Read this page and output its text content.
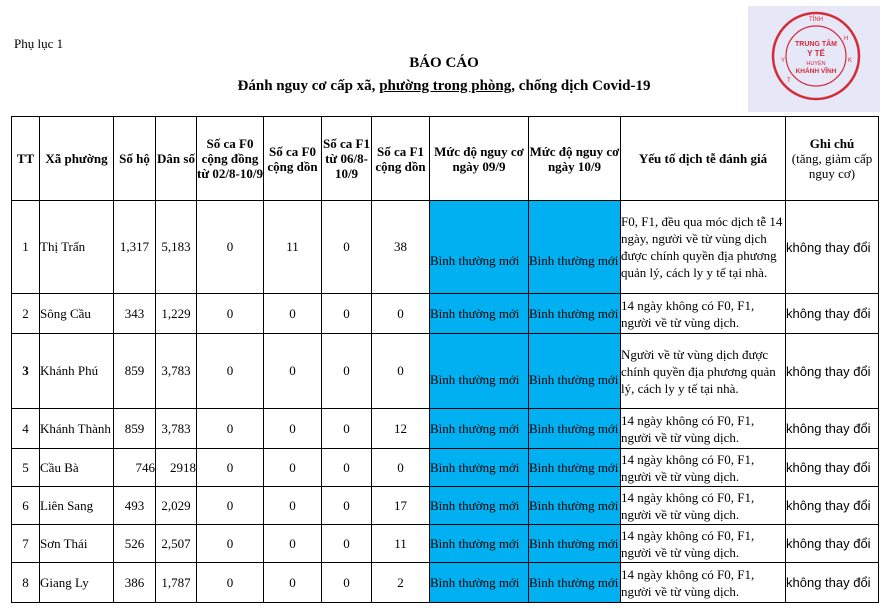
Phụ lục 1
BÁO CÁO
Đánh nguy cơ cấp xã, phường trong phòng, chống dịch Covid-19
TỈNH
TRUNG TÂM
Y TẾ
HUYỆN
KHÁNH VĨNH
Y
T
H
K
TT	Xã phường	Số hộ	Dân số	Số ca F0 cộng đồng từ 02/8-10/9	Số ca F0 cộng dồn	Số ca F1 từ 06/8-10/9	Số ca F1 cộng dồn	Mức độ nguy cơ ngày 09/9	Mức độ nguy cơ ngày 10/9	Yếu tố dịch tễ đánh giá	Ghi chú
(tăng, giảm cấp nguy cơ)

1	Thị Trấn	1,317	5,183	0	11	0	38	Bình thường mới	Bình thường mới	F0, F1, đều qua móc dịch tễ 14 ngày, người về từ vùng dịch được chính quyền địa phương quản lý, cách ly y tế tại nhà.	không thay đổi
2	Sông Cầu	343	1,229	0	0	0	0	Bình thường mới	Bình thường mới	14 ngày không có F0, F1, người về từ vùng dịch.	không thay đổi
3	Khánh Phú	859	3,783	0	0	0	0	Bình thường mới	Bình thường mới	Người về từ vùng dịch được chính quyền địa phương quản lý, cách ly y tế tại nhà.	không thay đổi
4	Khánh Thành	859	3,783	0	0	0	12	Bình thường mới	Bình thường mới	14 ngày không có F0, F1, người về từ vùng dịch.	không thay đổi
5	Cầu Bà	746	2918	0	0	0	0	Bình thường mới	Bình thường mới	14 ngày không có F0, F1, người về từ vùng dịch.	không thay đổi
6	Liên Sang	493	2,029	0	0	0	17	Bình thường mới	Bình thường mới	14 ngày không có F0, F1, người về từ vùng dịch.	không thay đổi
7	Sơn Thái	526	2,507	0	0	0	11	Bình thường mới	Bình thường mới	14 ngày không có F0, F1, người về từ vùng dịch.	không thay đổi
8	Giang Ly	386	1,787	0	0	0	2	Bình thường mới	Bình thường mới	14 ngày không có F0, F1, người về từ vùng dịch.	không thay đổi
